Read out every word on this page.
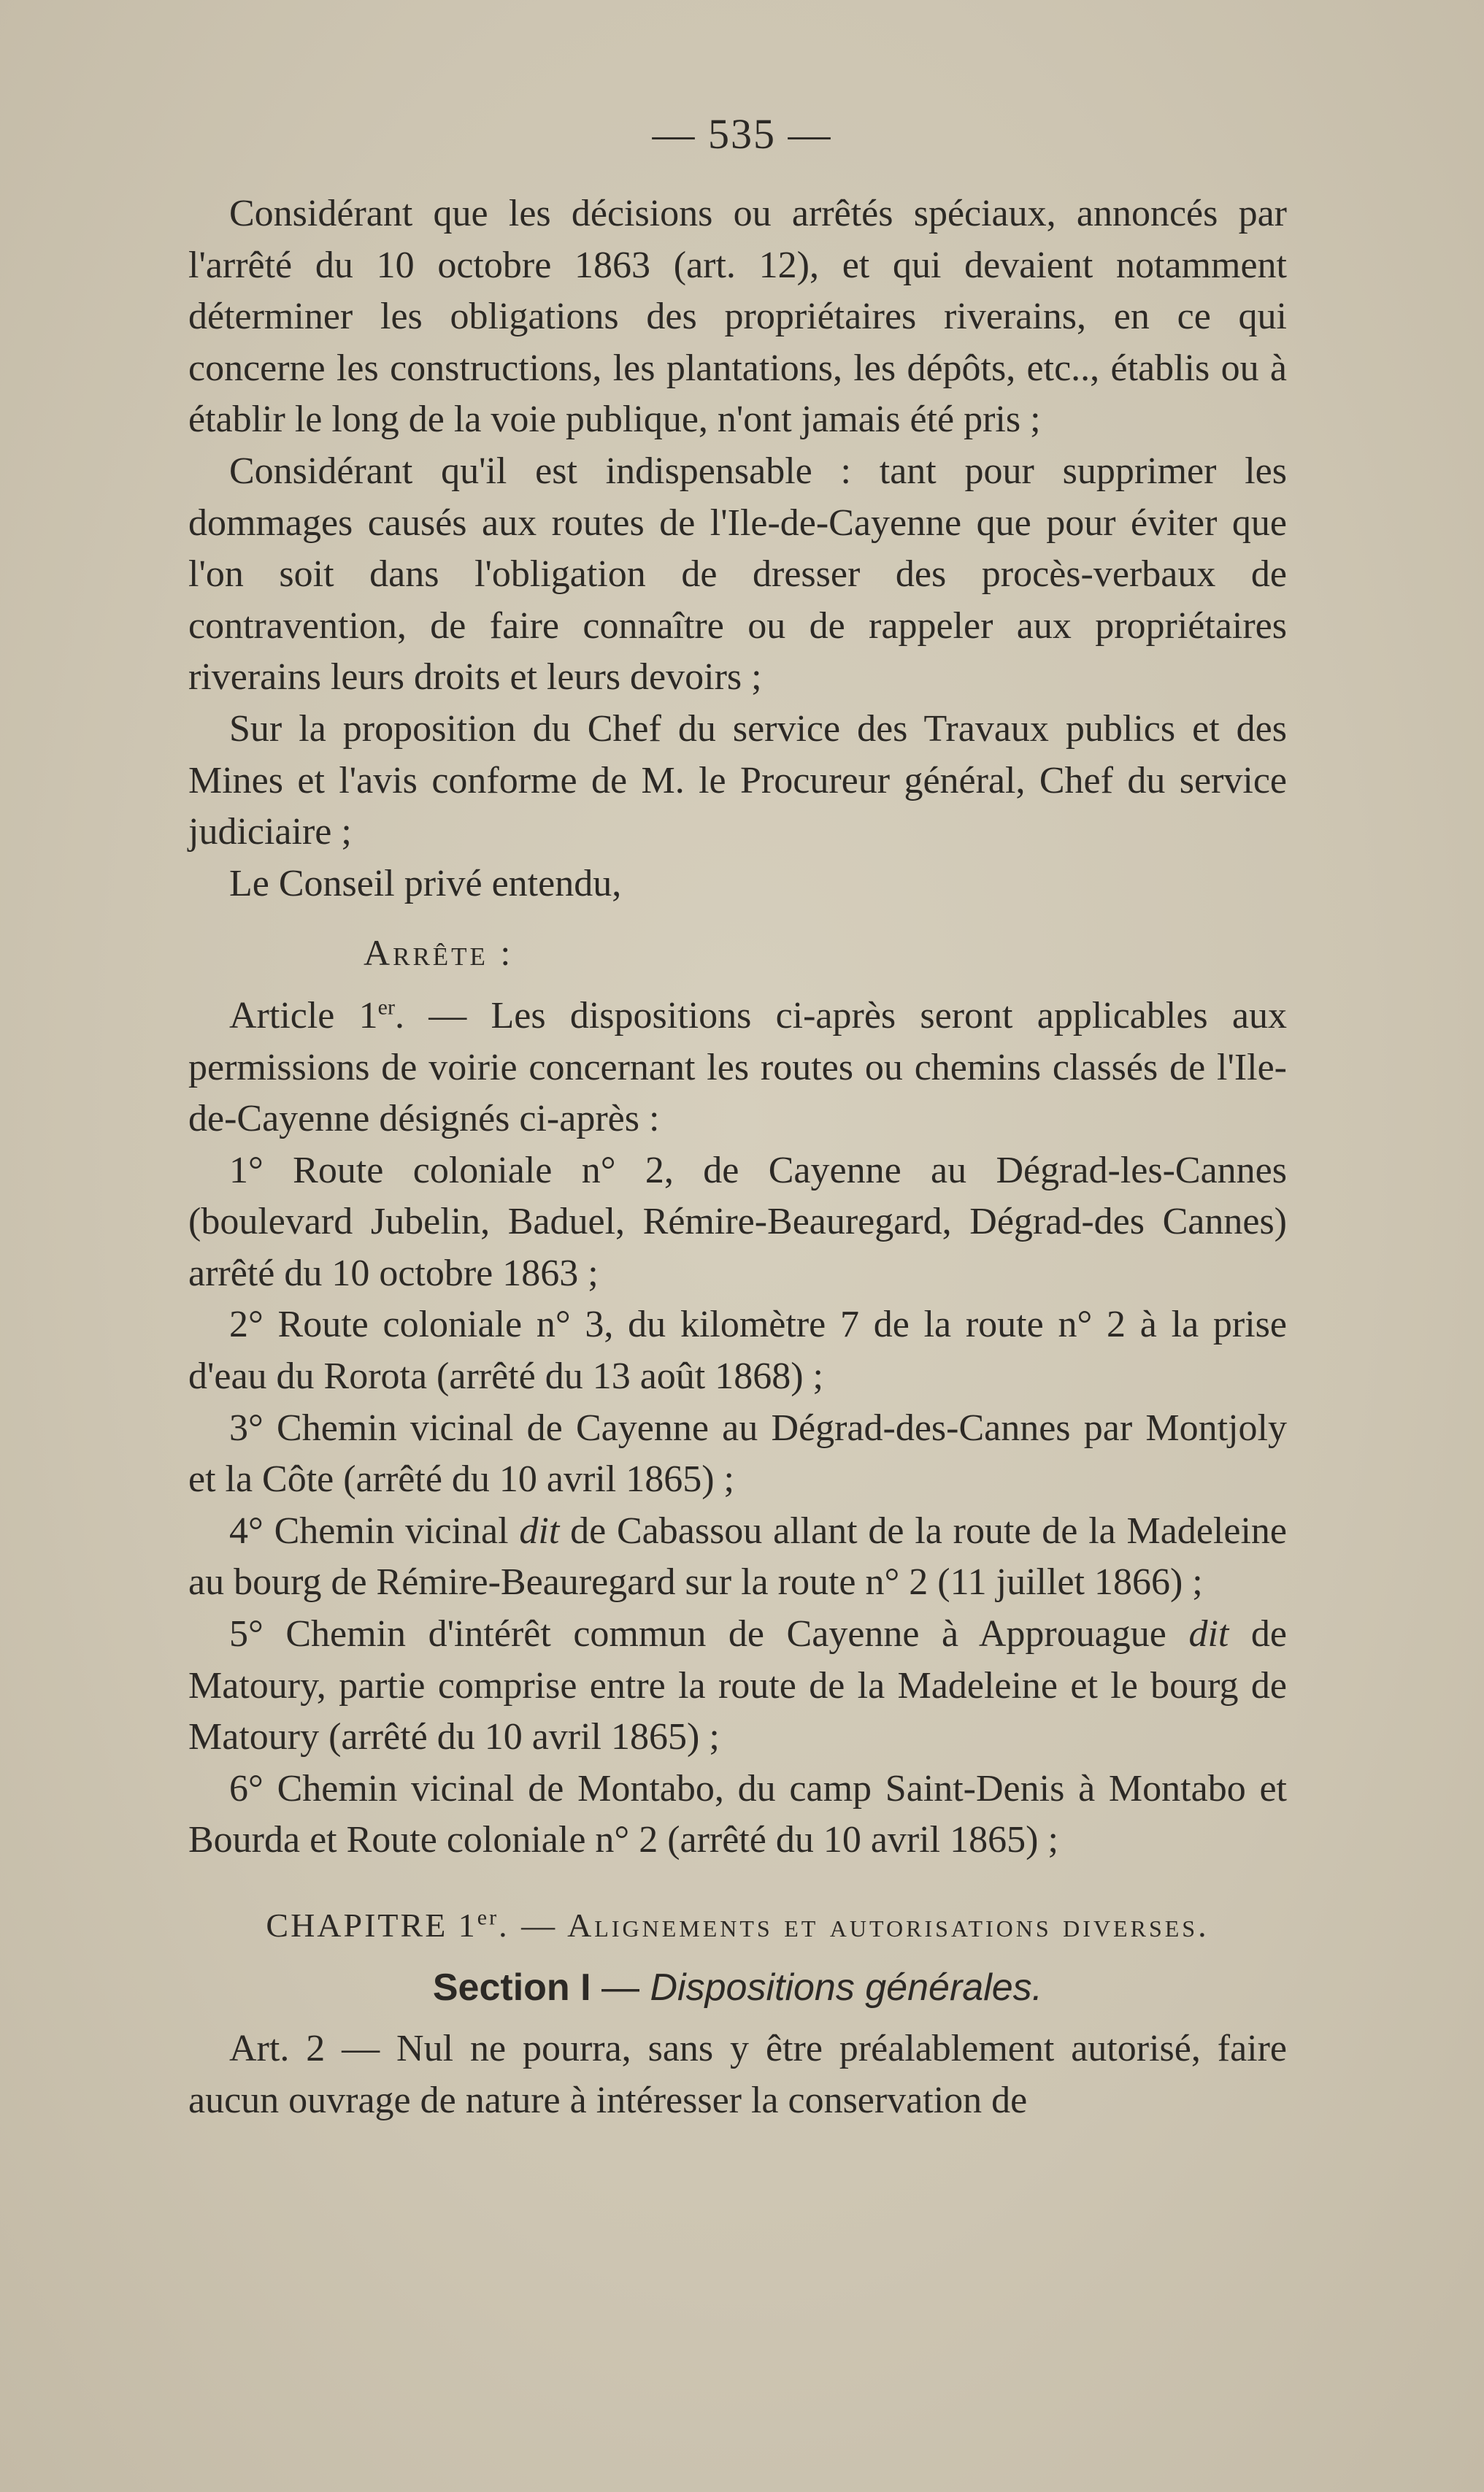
— 535 —

Considérant que les décisions ou arrêtés spéciaux, annoncés par l'arrêté du 10 octobre 1863 (art. 12), et qui devaient notamment déterminer les obligations des propriétaires riverains, en ce qui concerne les constructions, les plantations, les dépôts, etc.., établis ou à établir le long de la voie publique, n'ont jamais été pris ;

Considérant qu'il est indispensable : tant pour supprimer les dommages causés aux routes de l'Ile-de-Cayenne que pour éviter que l'on soit dans l'obligation de dresser des procès-verbaux de contravention, de faire connaître ou de rappeler aux propriétaires riverains leurs droits et leurs devoirs ;

Sur la proposition du Chef du service des Travaux publics et des Mines et l'avis conforme de M. le Procureur général, Chef du service judiciaire ;

Le Conseil privé entendu,

Arrête :

Article 1er. — Les dispositions ci-après seront applicables aux permissions de voirie concernant les routes ou chemins classés de l'Ile-de-Cayenne désignés ci-après :

1° Route coloniale n° 2, de Cayenne au Dégrad-les-Cannes (boulevard Jubelin, Baduel, Rémire-Beauregard, Dégrad-des Cannes) arrêté du 10 octobre 1863 ;

2° Route coloniale n° 3, du kilomètre 7 de la route n° 2 à la prise d'eau du Rorota (arrêté du 13 août 1868) ;

3° Chemin vicinal de Cayenne au Dégrad-des-Cannes par Montjoly et la Côte (arrêté du 10 avril 1865) ;

4° Chemin vicinal dit de Cabassou allant de la route de la Madeleine au bourg de Rémire-Beauregard sur la route n° 2 (11 juillet 1866) ;

5° Chemin d'intérêt commun de Cayenne à Approuague dit de Matoury, partie comprise entre la route de la Madeleine et le bourg de Matoury (arrêté du 10 avril 1865) ;

6° Chemin vicinal de Montabo, du camp Saint-Denis à Montabo et Bourda et Route coloniale n° 2 (arrêté du 10 avril 1865) ;

CHAPITRE 1er. — Alignements et autorisations diverses.

Section I — Dispositions générales.

Art. 2 — Nul ne pourra, sans y être préalablement autorisé, faire aucun ouvrage de nature à intéresser la conservation de
